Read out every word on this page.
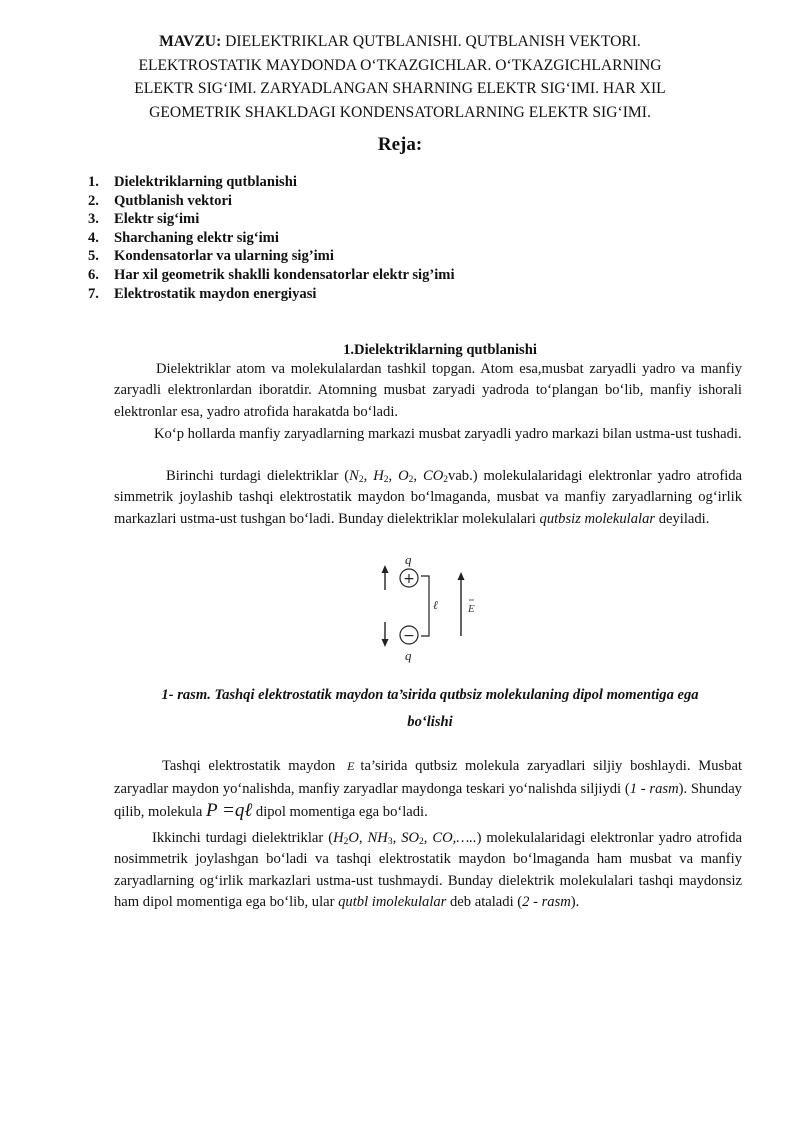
MAVZU: DIELEKTRIKLAR QUTBLANISHI. QUTBLANISH VEKTORI. ELEKTROSTATIK MAYDONDA O‘TKAZGICHLAR. O‘TKAZGICHLARNING ELEKTR SIG‘IMI. ZARYADLANGAN SHARNING ELEKTR SIG‘IMI. HAR XIL GEOMETRIK SHAKLDAGI KONDENSATORLARNING ELEKTR SIG‘IMI.
Reja:
1. Dielektriklarning qutblanishi
2. Qutblanish vektori
3. Elektr sig‘imi
4. Sharchaning elektr sig‘imi
5. Kondensatorlar va ularning sig’imi
6. Har xil geometrik shaklli kondensatorlar elektr sig’imi
7. Elektrostatik maydon energiyasi
1.Dielektriklarning qutblanishi

Dielektriklar atom va molekulalardan tashkil topgan. Atom esa,musbat zaryadli yadro va manfiy zaryadli elektronlardan iboratdir. Atomning musbat zaryadi yadroda to‘plangan bo‘lib, manfiy ishorali elektronlar esa, yadro atrofida harakatda bo‘ladi.

Ko‘p hollarda manfiy zaryadlarning markazi musbat zaryadli yadro markazi bilan ustma-ust tushadi.

Birinchi turdagi dielektriklar ($N_2$, $H_2$, $O_2$, $CO_2vab$.) molekulalaridagi elektronlar yadro atrofida simmetrik joylashib tashqi elektrostatik maydon bo‘lmaganda, musbat va manfiy zaryadlarning og‘irlik markazlari ustma-ust tushgan bo‘ladi. Bunday dielektriklar molekulalari qutbsiz molekulalar deyiladi.

q
+
−
q
ℓ	E
1- rasm. Tashqi elektrostatik maydon ta’sirida qutbsiz molekulaning dipol momentiga ega
bo‘lishi

Tashqi elektrostatik maydon E ta’sirida qutbsiz molekula zaryadlari siljiy boshlaydi. Musbat zaryadlar maydon yo‘nalishda, manfiy zaryadlar maydonga teskari yo‘nalishda siljiydi (1 - rasm). Shunday qilib, molekula P =qℓ dipol momentiga ega bo‘ladi.

Ikkinchi turdagi dielektriklar ($H_2O$, $NH_3$, $SO_2$, CO,…..) molekulalaridagi elektronlar yadro atrofida nosimmetrik joylashgan bo‘ladi va tashqi elektrostatik maydon bo‘lmaganda ham musbat va manfiy zaryadlarning og‘irlik markazlari ustma-ust tushmaydi. Bunday dielektrik molekulalari tashqi maydonsiz ham dipol momentiga ega bo‘lib, ular qutbl imolekulalar deb ataladi (2 - rasm).
